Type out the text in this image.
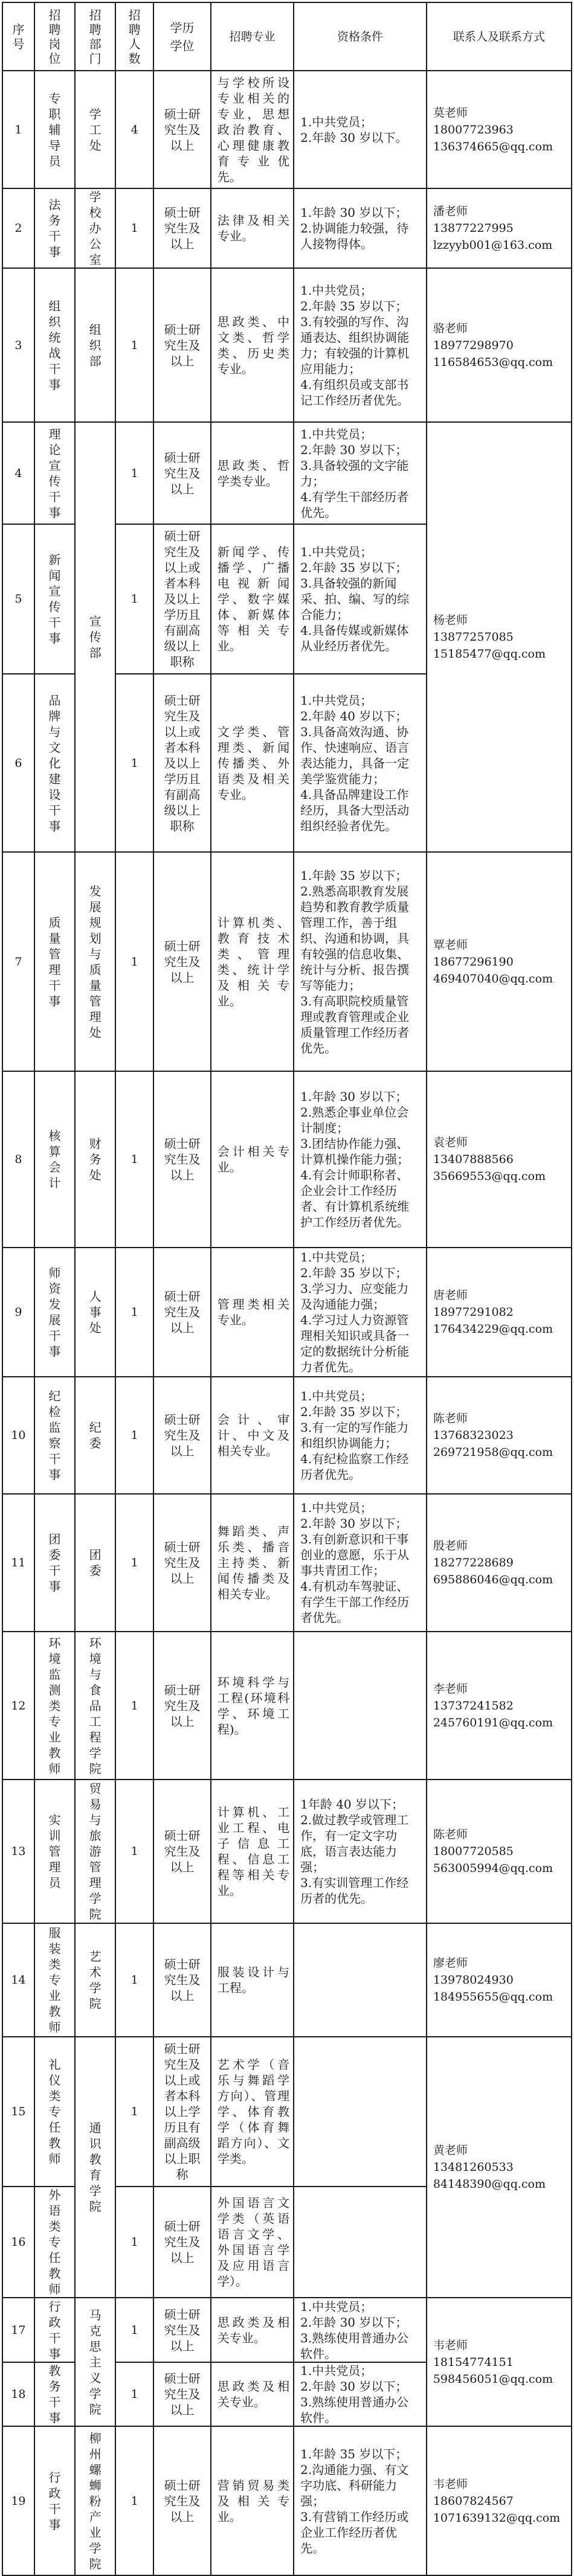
序号	招聘岗位	招聘部门	招聘人数	学历学位	招聘专业	资格条件	联系人及联系方式
1	专职辅导员	学工处	4	硕士研究生及以上	与学校所设专业相关的专业，思想政治教育、心理健康教育专业优先。	1.中共党员；
2.年龄 30 岁以下。	莫老师
18007723963
136374665@qq.com

2	法务干事	学校办公室	1	硕士研究生及以上	法律及相关专业。	1.年龄 30 岁以下；
2.协调能力较强，待人接物得体。	潘老师
13877227995
lzzyyb001@163.com

3	组织统战干事	组织部	1	硕士研究生及以上	思政类、中文类、哲学类、历史类专业。	1.中共党员；
2.年龄 35 岁以下；
3.有较强的写作、沟通表达、组织协调能力；有较强的计算机应用能力；
4.有组织员或支部书记工作经历者优先。	骆老师
18977298970
116584653@qq.com

4	理论宣传干事	宣传部	1	硕士研究生及以上	思政类、哲学类专业。	1.中共党员；
2.年龄 30 岁以下；
3.具备较强的文字能力；
4.有学生干部经历者优先。	杨老师
13877257085
15185477@qq.com

5	新闻宣传干事		1	硕士研究生及以上或者本科及以上学历且有副高级以上职称	新闻学、传播学、广播电视新闻学、数字媒体、新媒体等相关专业。	1.中共党员；
2.年龄 35 岁以下；
3.具备较强的新闻采、拍、编、写的综合能力；
4.具备传媒或新媒体从业经历者优先。	

6	品牌与文化建设干事		1	硕士研究生及以上或者本科及以上学历且有副高级以上职称	文学类、管理类、新闻传播类、外语类及相关专业。	1.中共党员；
2.年龄 40 岁以下；
3.具备高效沟通、协作、快速响应、语言表达能力，具备一定美学鉴赏能力；
4.具备品牌建设工作经历，具备大型活动组织经验者优先。	

7	质量管理干事	发展规划与质量管理处	1	硕士研究生及以上	计算机类、教育技术类、管理类、统计学及相关专业。	1.年龄 35 岁以下；
2.熟悉高职教育发展趋势和教育教学质量管理工作，善于组织、沟通和协调，具有较强的信息收集、统计与分析、报告撰写等能力；
3.有高职院校质量管理或教育管理或企业质量管理工作经历者优先。	覃老师
18677296190
469407040@qq.com

8	核算会计	财务处	1	硕士研究生及以上	会计相关专业。	1.年龄 30 岁以下；
2.熟悉企事业单位会计制度；
3.团结协作能力强、计算机操作能力强；
4.有会计师职称者、企业会计工作经历者、有计算机系统维护工作经历者优先。	袁老师
13407888566
35669553@qq.com

9	师资发展干事	人事处	1	硕士研究生及以上	管理类相关专业。	1.中共党员；
2.年龄 35 岁以下；
3.学习力、应变能力及沟通能力强；
4.学习过人力资源管理相关知识或具备一定的数据统计分析能力者优先。	唐老师
18977291082
176434229@qq.com

10	纪检监察干事	纪委	1	硕士研究生及以上	会计、审计、中文及相关专业。	1.中共党员；
2.年龄 35 岁以下；
3.有一定的写作能力和组织协调能力；
4.有纪检监察工作经历者优先。	陈老师
13768323023
269721958@qq.com

11	团委干事	团委	1	硕士研究生及以上	舞蹈类、声乐类、播音主持类、新闻传播类及相关专业。	1.中共党员；
2.年龄 30 岁以下；
3.有创新意识和干事创业的意愿，乐于从事共青团工作；
4.有机动车驾驶证、有学生干部工作经历者优先。	殷老师
18277228689
695886046@qq.com

12	环境监测类专业教师	环境与食品工程学院	1	硕士研究生及以上	环境科学与工程(环境科学、环境工程)。		李老师
13737241582
245760191@qq.com

13	实训管理员	贸易与旅游管理学院	1	硕士研究生及以上	计算机、工业工程、电子信息工程、信息工程等相关专业。	1年龄 40 岁以下；
2.做过教学或管理工作，有一定文字功底，语言表达能力强；
3.有实训管理工作经历者的优先。	陈老师
18007720585
563005994@qq.com

14	服装类专业教师	艺术学院	1	硕士研究生及以上	服装设计与工程。		廖老师
13978024930
184955655@qq.com

15	礼仪类专任教师	通识教育学院	1	硕士研究生及以上或者本科以上学历且有副高级以上职称	艺术学（音乐与舞蹈学方向）、管理学、体育教学（体育舞蹈方向）、文学类。		黄老师
13481260533
84148390@qq.com

16	外语类专任教师		1	硕士研究生及以上	外国语言文学类（英语语言文学、外国语言学及应用语言学）。		

17	行政干事	马克思主义学院	1	硕士研究生及以上	思政类及相关专业。	1.中共党员；
2.年龄 30 岁以下；
3.熟练使用普通办公软件。	韦老师
18154774151
598456051@qq.com

18	教务干事		1	硕士研究生及以上	思政类及相关专业。	1.中共党员；
2.年龄 30 岁以下；
3.熟练使用普通办公软件。	

19	行政干事	柳州螺蛳粉产业学院	1	硕士研究生及以上	营销贸易类及相关专业。	1.年龄 35 岁以下；
2.沟通能力强、有文字功底、科研能力强；
3.有营销工作经历或企业工作经历者优先。	韦老师
18607824567
1071639132@qq.com
